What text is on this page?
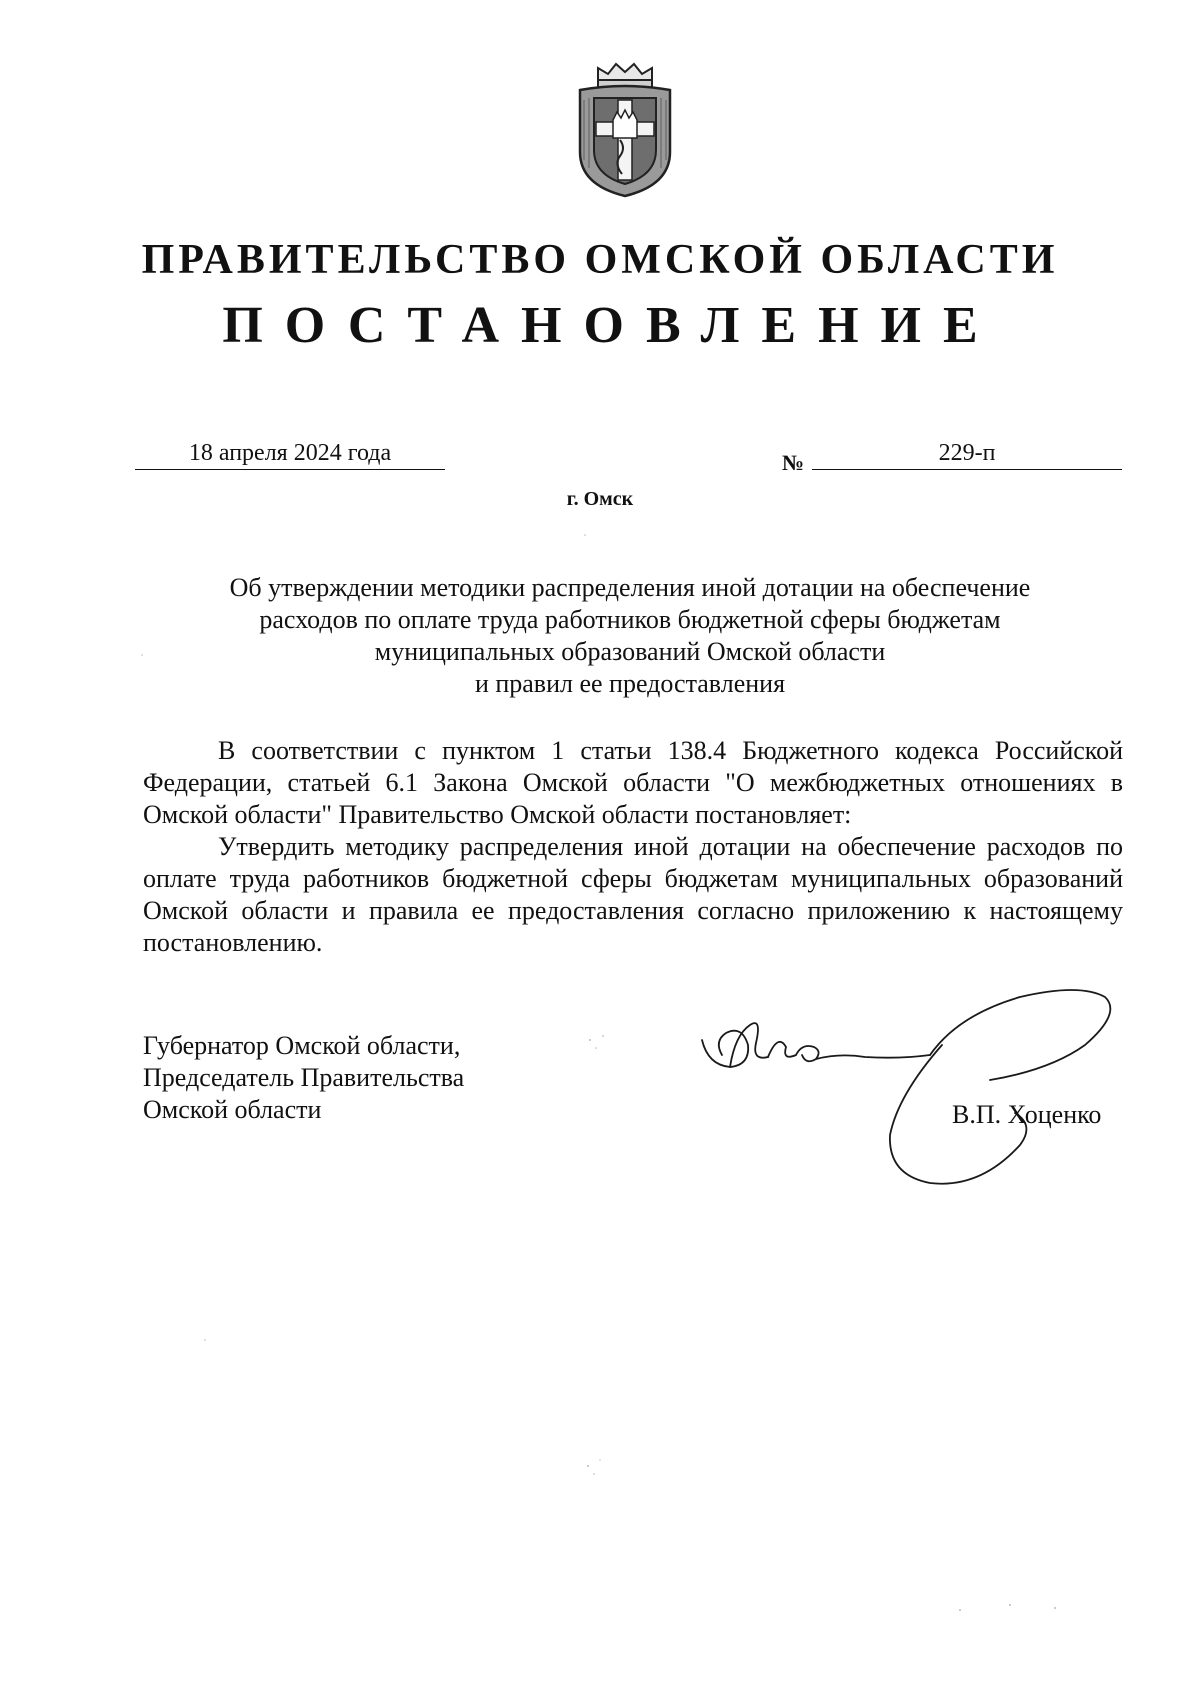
ПРАВИТЕЛЬСТВО ОМСКОЙ ОБЛАСТИ
ПОСТАНОВЛЕНИЕ
18 апреля 2024 года	№	229-п
г. Омск
Об утверждении методики распределения иной дотации на обеспечение
расходов по оплате труда работников бюджетной сферы бюджетам
муниципальных образований Омской области
и правил ее предоставления

В соответствии с пунктом 1 статьи 138.4 Бюджетного кодекса Российской Федерации, статьей 6.1 Закона Омской области "О межбюджетных отношениях в Омской области" Правительство Омской области постановляет:

Утвердить методику распределения иной дотации на обеспечение расходов по оплате труда работников бюджетной сферы бюджетам муниципальных образований Омской области и правила ее предоставления согласно приложению к настоящему постановлению.

Губернатор Омской области,
Председатель Правительства
Омской области	В.П. Хоценко
